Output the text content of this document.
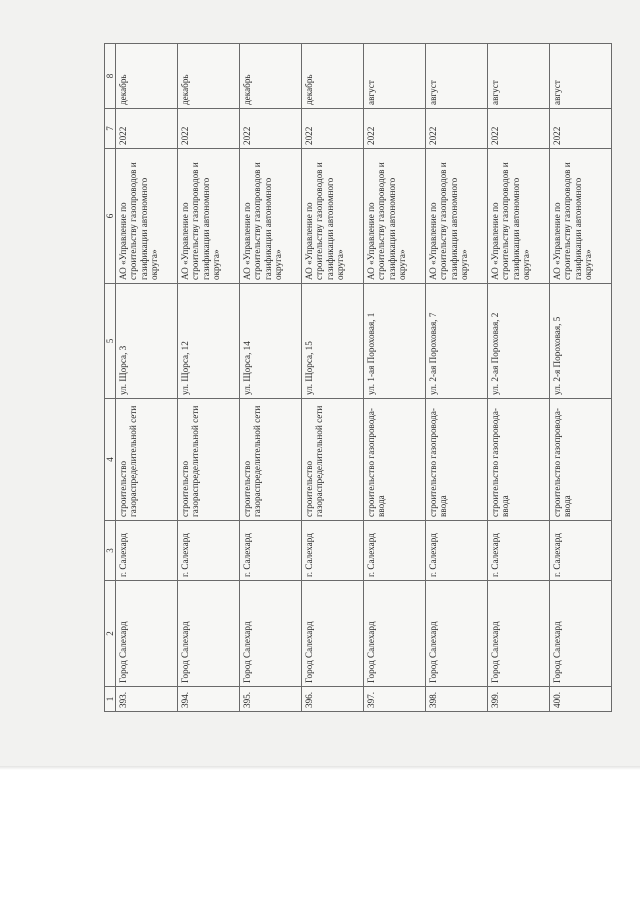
1	2	3	4	5	6	7	8
393.	Город Салехард	г. Салехард	строительство газораспределительной сети	ул. Щорса, 3	АО «Управление по строительству газопроводов и газификации автономного округа»	2022	декабрь
394.	Город Салехард	г. Салехард	строительство газораспределительной сети	ул. Щорса, 12	АО «Управление по строительству газопроводов и газификации автономного округа»	2022	декабрь
395.	Город Салехард	г. Салехард	строительство газораспределительной сети	ул. Щорса, 14	АО «Управление по строительству газопроводов и газификации автономного округа»	2022	декабрь
396.	Город Салехард	г. Салехард	строительство газораспределительной сети	ул. Щорса, 15	АО «Управление по строительству газопроводов и газификации автономного округа»	2022	декабрь
397.	Город Салехард	г. Салехард	строительство газопровода-ввода	ул. 1-ая Пороховая, 1	АО «Управление по строительству газопроводов и газификации автономного округа»	2022	август
398.	Город Салехард	г. Салехард	строительство газопровода-ввода	ул. 2-ая Пороховая, 7	АО «Управление по строительству газопроводов и газификации автономного округа»	2022	август
399.	Город Салехард	г. Салехард	строительство газопровода-ввода	ул. 2-ая Пороховая, 2	АО «Управление по строительству газопроводов и газификации автономного округа»	2022	август
400.	Город Салехард	г. Салехард	строительство газопровода-ввода	ул. 2-я Пороховая, 5	АО «Управление по строительству газопроводов и газификации автономного округа»	2022	август
